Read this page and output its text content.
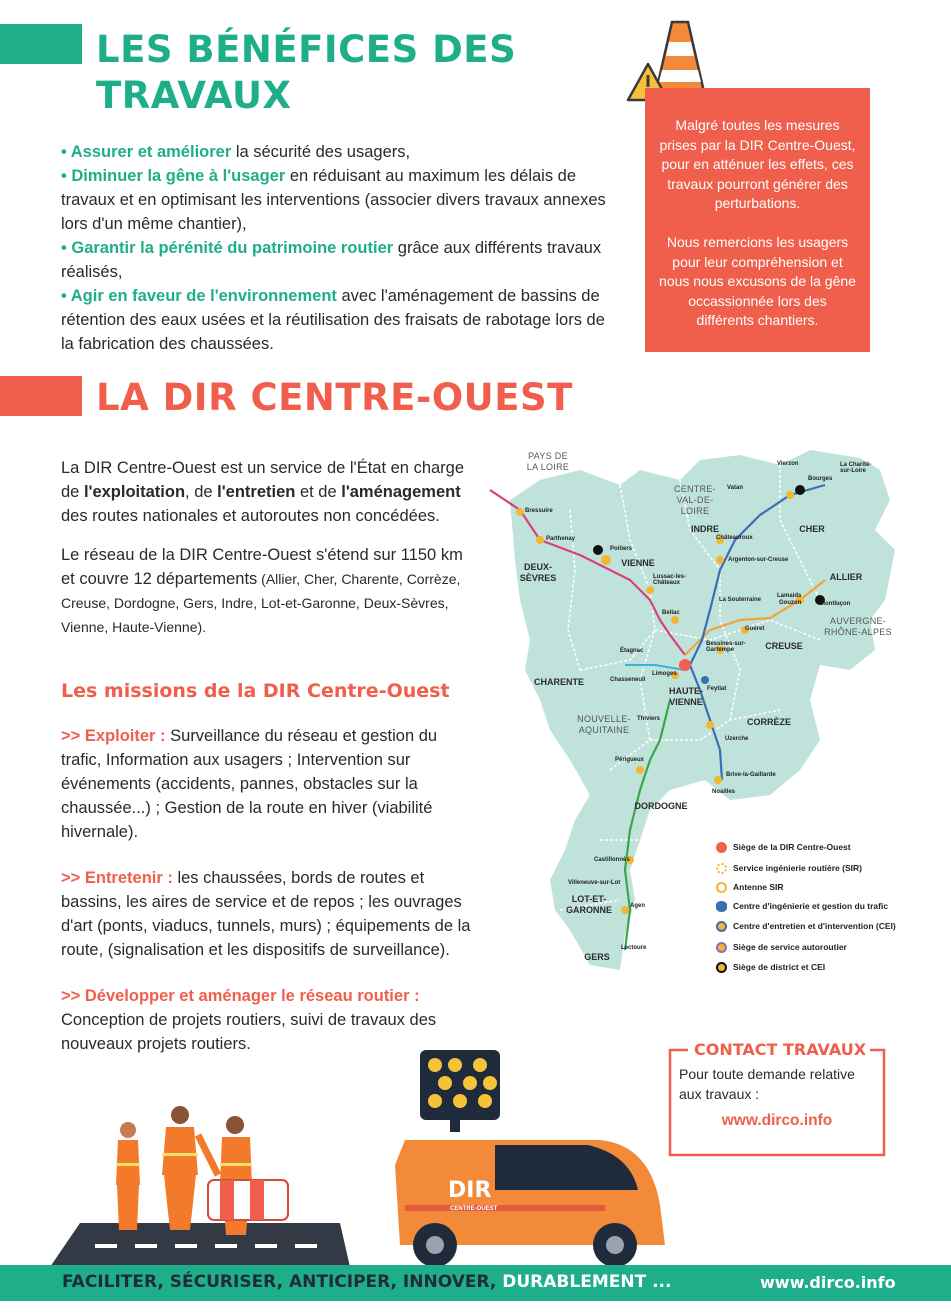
LES BÉNÉFICES DES
TRAVAUX

• Assurer et améliorer la sécurité des usagers,

• Diminuer la gêne à l'usager en réduisant au maximum les délais de travaux et en optimisant les interventions (associer divers travaux annexes lors d'un même chantier),

• Garantir la pérénité du patrimoine routier grâce aux différents travaux réalisés,

• Agir en faveur de l'environnement avec l'aménagement de bassins de rétention des eaux usées et la réutilisation des fraisats de rabotage lors de la fabrication des chaussées.

Malgré toutes les mesures prises par la DIR Centre-Ouest, pour en atténuer les effets, ces travaux pourront générer des perturbations.

Nous remercions les usagers pour leur compréhension et nous nous excusons de la gêne occassionnée lors des différents chantiers.

LA DIR CENTRE-OUEST
La DIR Centre-Ouest est un service de l'État en charge de l'exploitation, de l'entretien et de l'aménagement des routes nationales et autoroutes non concédées.
Le réseau de la DIR Centre-Ouest s'étend sur 1150 km et couvre 12 départements (Allier, Cher, Charente, Corrèze, Creuse, Dordogne, Gers, Indre, Lot-et-Garonne, Deux-Sèvres, Vienne, Haute-Vienne).
Les missions de la DIR Centre-Ouest

>> Exploiter : Surveillance du réseau et gestion du trafic, Information aux usagers ; Intervention sur événements (accidents, pannes, obstacles sur la chaussée...) ; Gestion de la route en hiver (viabilité hivernale).

>> Entretenir : les chaussées, bords de routes et bassins, les aires de service et de repos ; les ouvrages d'art (ponts, viaducs, tunnels, murs) ; équipements de la route, (signalisation et les dispositifs de surveillance).

>> Développer et aménager le réseau routier : Conception de projets routiers, suivi de travaux des nouveaux projets routiers.

PAYS DE LA LOIRE
CENTRE-VAL-DE-LOIRE
AUVERGNE-RHÔNE-ALPES
NOUVELLE-AQUITAINE
DEUX-SÈVRES
VIENNE
INDRE	CHER
ALLIER
CREUSE
CHARENTE
HAUTE-VIENNE
CORRÈZE
DORDOGNE
LOT-ET-GARONNE
GERS
Bressuire
Parthenay
Poitiers
Lussac-les-Châteaux
Bellac
Étagnac
Chasseneuil
Limoges
Feytiat
Thiviers
Périgueux
Castillonnès
Villeneuve-sur-Lot
Agen
Lectoure
Vierzon
Vatan
Bourges
La Charité-sur-Loire
Châteauroux
Argenton-sur-Creuse
La Souterraine
Lamaids
Gouzon	Montluçon
Guéret
Bessines-sur-Gartempe
Uzerche
Brive-la-Gaillarde
Noailles
Siège de la DIR Centre-Ouest
Service ingénierie routière (SIR)
Antenne SIR
Centre d'ingénierie et gestion du trafic
Centre d'entretien et d'intervention (CEI)
Siège de service autoroutier
Siège de district et CEI
CONTACT TRAVAUX
Pour toute demande relative aux travaux :
www.dirco.info
DIR
CENTRE-OUEST
FACILITER, SÉCURISER, ANTICIPER, INNOVER, DURABLEMENT ...	www.dirco.info
